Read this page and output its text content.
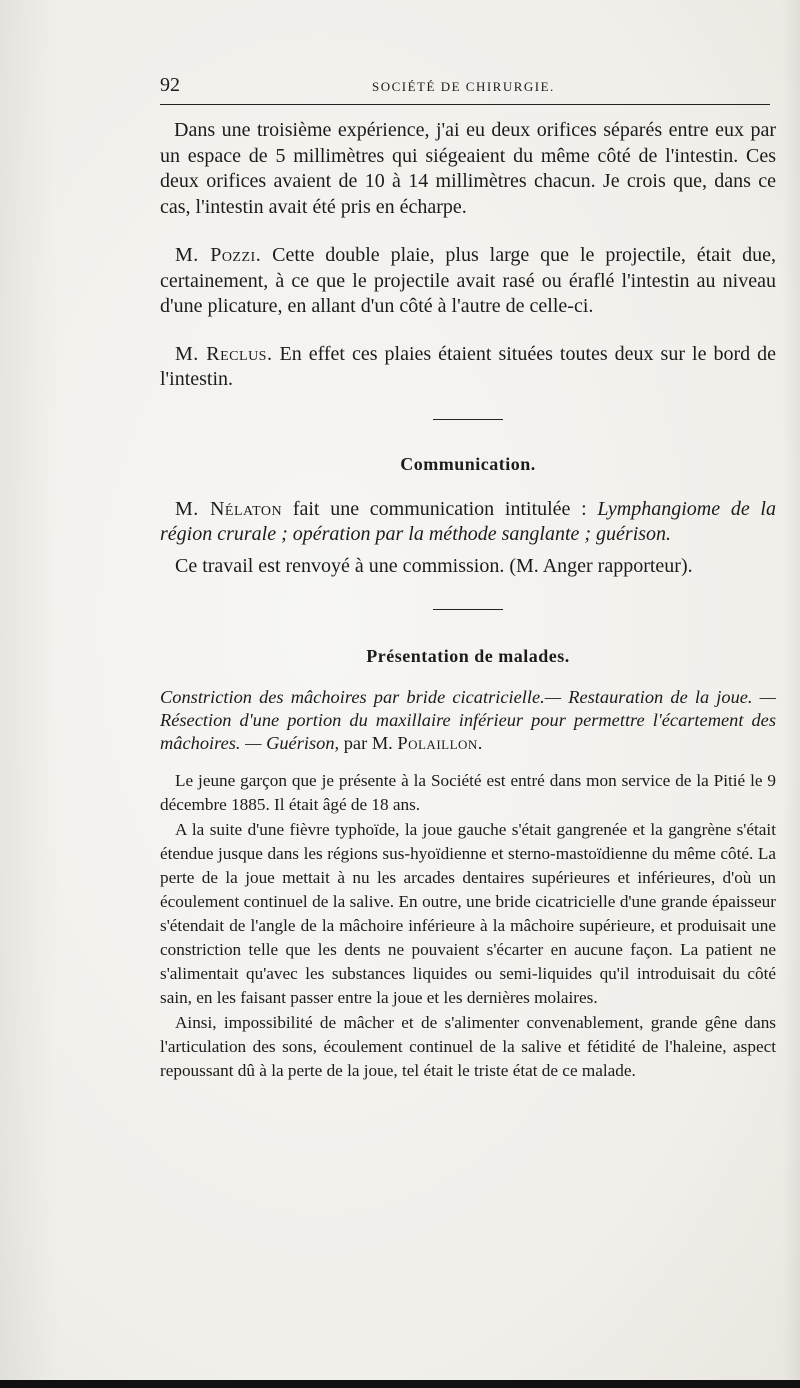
92	SOCIÉTÉ DE CHIRURGIE.

Dans une troisième expérience, j'ai eu deux orifices séparés entre eux par un espace de 5 millimètres qui siégeaient du même côté de l'intestin. Ces deux orifices avaient de 10 à 14 millimètres chacun. Je crois que, dans ce cas, l'intestin avait été pris en écharpe.

M. Pozzi. Cette double plaie, plus large que le projectile, était due, certainement, à ce que le projectile avait rasé ou éraflé l'intestin au niveau d'une plicature, en allant d'un côté à l'autre de celle-ci.

M. Reclus. En effet ces plaies étaient situées toutes deux sur le bord de l'intestin.

Communication.

M. Nélaton fait une communication intitulée : Lymphangiome de la région crurale ; opération par la méthode sanglante ; guérison.

Ce travail est renvoyé à une commission. (M. Anger rapporteur).

Présentation de malades.

Constriction des mâchoires par bride cicatricielle.— Restauration de la joue. — Résection d'une portion du maxillaire inférieur pour permettre l'écartement des mâchoires. — Guérison, par M. Polaillon.

Le jeune garçon que je présente à la Société est entré dans mon service de la Pitié le 9 décembre 1885. Il était âgé de 18 ans.

A la suite d'une fièvre typhoïde, la joue gauche s'était gangrenée et la gangrène s'était étendue jusque dans les régions sus-hyoïdienne et sterno-mastoïdienne du même côté. La perte de la joue mettait à nu les arcades dentaires supérieures et inférieures, d'où un écoulement continuel de la salive. En outre, une bride cicatricielle d'une grande épaisseur s'étendait de l'angle de la mâchoire inférieure à la mâchoire supérieure, et produisait une constriction telle que les dents ne pouvaient s'écarter en aucune façon. La patient ne s'alimentait qu'avec les substances liquides ou semi-liquides qu'il introduisait du côté sain, en les faisant passer entre la joue et les dernières molaires.

Ainsi, impossibilité de mâcher et de s'alimenter convenablement, grande gêne dans l'articulation des sons, écoulement continuel de la salive et fétidité de l'haleine, aspect repoussant dû à la perte de la joue, tel était le triste état de ce malade.
